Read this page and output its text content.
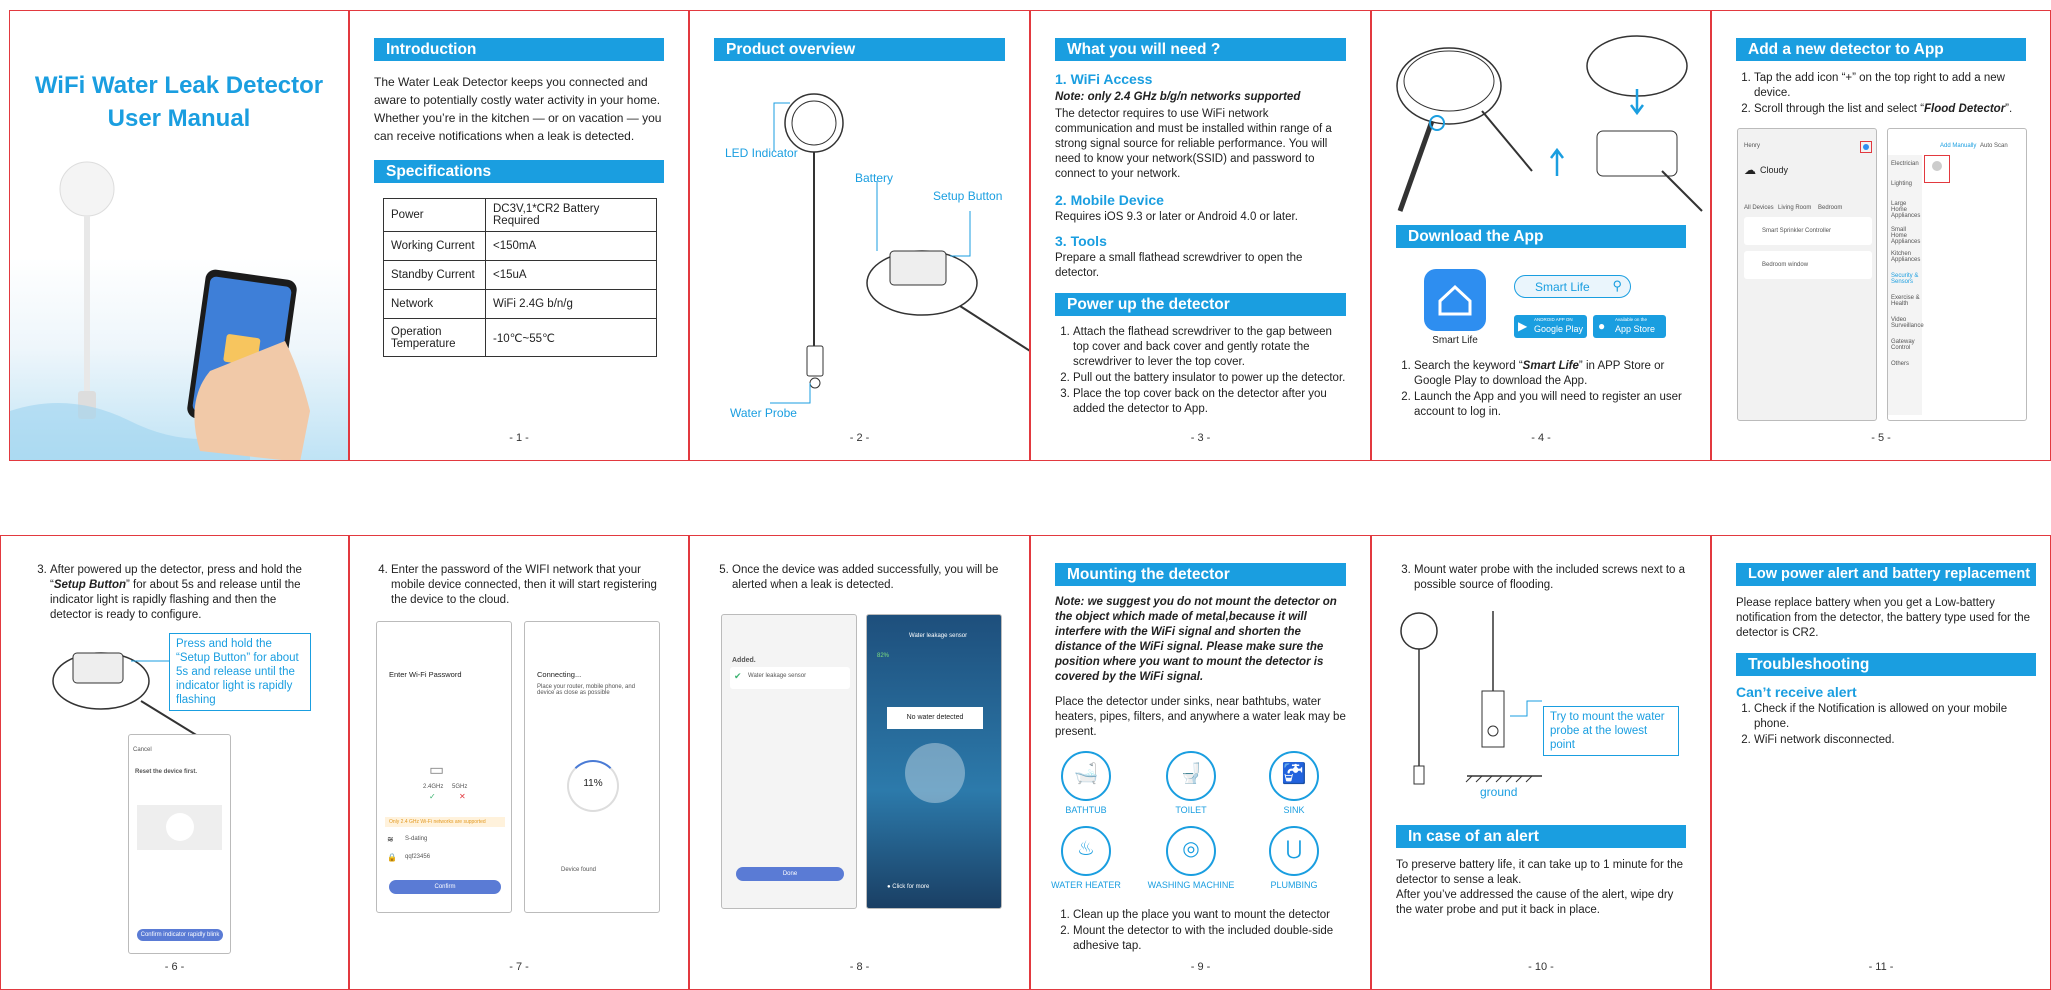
WiFi Water Leak Detector
User Manual
Introduction
The Water Leak Detector keeps you connected and aware to potentially costly water activity in your home. Whether you’re in the kitchen — or on vacation — you can receive notifications when a leak is detected.
Specifications
Power	DC3V,1*CR2 Battery Required
Working Current	<150mA
Standby Current	<15uA
Network	WiFi 2.4G b/n/g
Operation Temperature	-10℃~55℃
- 1 -
Product overview
LED Indicator
Battery
Setup Button
Water Probe
- 2 -
What you will need ?
1. WiFi Access
Note: only 2.4 GHz b/g/n networks supported
The detector requires to use WiFi network communication and must be installed within range of a strong signal source for reliable performance. You will need to know your network(SSID) and password to connect to your network.
2. Mobile Device
Requires iOS 9.3 or later or Android 4.0 or later.
3. Tools
Prepare a small flathead screwdriver to open the detector.
Power up the detector
1. Attach the flathead screwdriver to the gap between top cover and back cover and gently rotate the screwdriver to lever the top cover.
2. Pull out the battery insulator to power up the detector.
3. Place the top cover back on the detector after you added the detector to App.
- 3 -
Download the App
Smart Life
Smart Life ⚲
▶ ANDROID APP ON
Google Play ● Available on the
App Store
1. Search the keyword “Smart Life” in APP Store or Google Play to download the App.
2. Launch the App and you will need to register an user account to log in.
- 4 -
Add a new detector to App
1. Tap the add icon “+” on the top right to add a new device.
2. Scroll through the list and select “Flood Detector”.
Henry
☁ Cloudy
All Devices Living Room Bedroom
Smart Sprinkler Controller
Bedroom window
Add Manually Auto Scan
Electrician
Lighting
Large Home Appliances
Small Home Appliances
Kitchen Appliances
Security & Sensors
Exercise & Health
Video Surveillance
Gateway Control
Others
- 5 -
3. After powered up the detector, press and hold the “Setup Button” for about 5s and release until the indicator light is rapidly flashing and then the detector is ready to configure.
Press and hold the “Setup Button” for about 5s and release until the indicator light is rapidly flashing
Cancel
Reset the device first.
Confirm indicator rapidly blink
- 6 -
4. Enter the password of the WIFI network that your mobile device connected, then it will start registering the device to the cloud.
Enter Wi-Fi Password
▭
2.4GHz
✓
5GHz
✕
Only 2.4 GHz Wi-Fi networks are supported
≋ S-dating
🔒 qqf23456
Confirm
Connecting...
Place your router, mobile phone, and device as close as possible
11%
Device found
- 7 -
5. Once the device was added successfully, you will be alerted when a leak is detected.
Added.
✔ Water leakage sensor
Done
Water leakage sensor
82%
No water detected
● Click for more
- 8 -
Mounting the detector
Note: we suggest you do not mount the detector on the object which made of metal,because it will interfere with the WiFi signal and shorten the distance of the WiFi signal. Please make sure the position where you want to mount the detector is covered by the WiFi signal.
Place the detector under sinks, near bathtubs, water heaters, pipes, filters, and anywhere a water leak may be present.
🛁
BATHTUB
🚽
TOILET
🚰
SINK
♨
WATER HEATER
◎
WASHING MACHINE
⋃
PLUMBING
1. Clean up the place you want to mount the detector
2. Mount the detector to with the included double-side adhesive tap.
- 9 -
3. Mount water probe with the included screws next to a possible source of flooding.
Try to mount the water probe at the lowest point
ground
In case of an alert
To preserve battery life, it can take up to 1 minute for the detector to sense a leak.
After you’ve addressed the cause of the alert, wipe dry the water probe and put it back in place.
- 10 -
Low power alert and battery replacement
Please replace battery when you get a Low-battery notification from the detector, the battery type used for the detector is CR2.
Troubleshooting
Can’t receive alert
1. Check if the Notification is allowed on your mobile phone.
2. WiFi network disconnected.
- 11 -
